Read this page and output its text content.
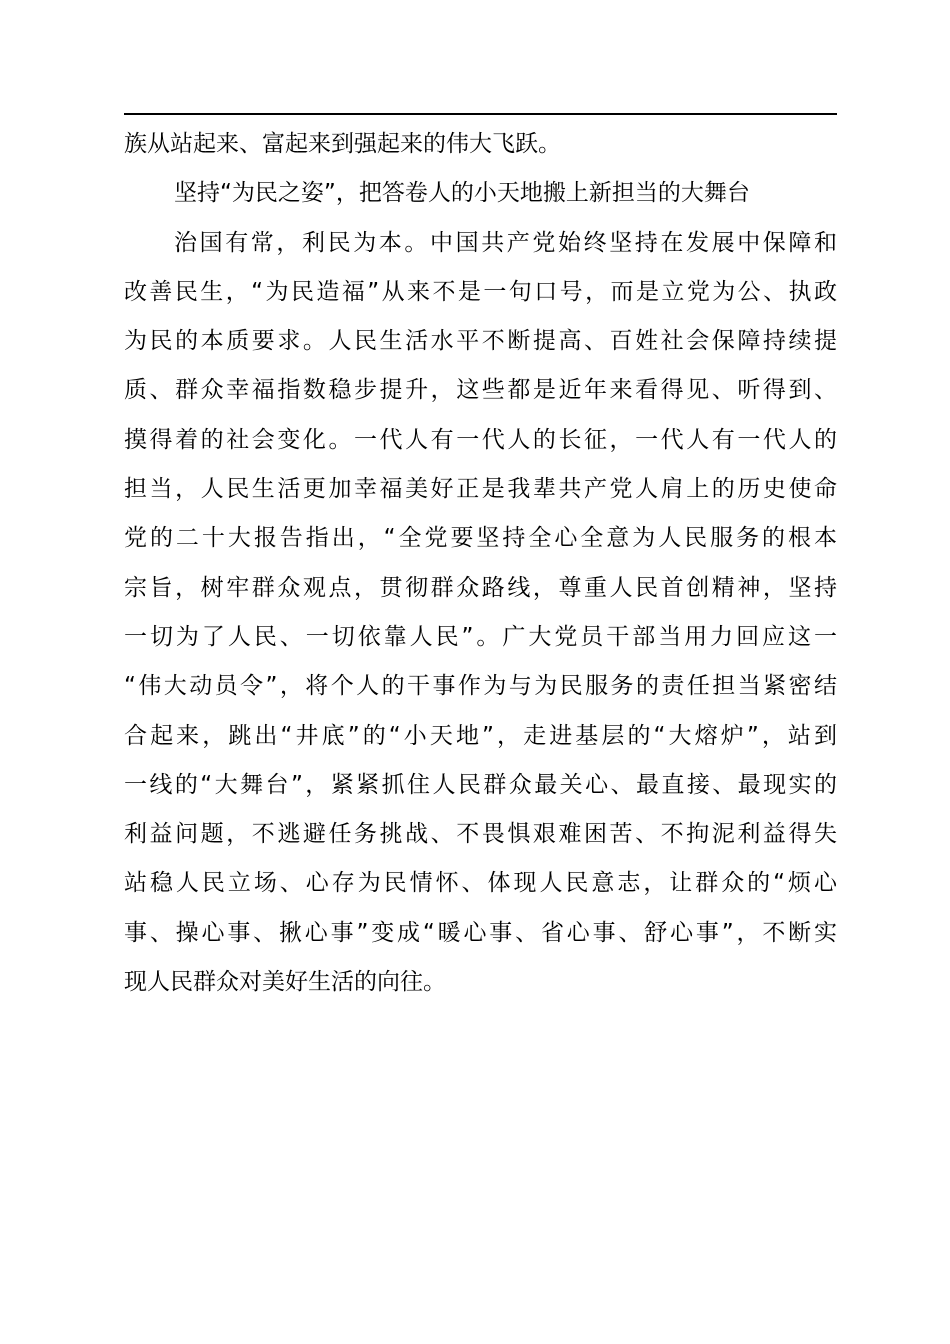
族从站起来、富起来到强起来的伟大飞跃。
坚持“为民之姿”，把答卷人的小天地搬上新担当的大舞台
治国有常，利民为本。中国共产党始终坚持在发展中保障和
改善民生，“为民造福”从来不是一句口号，而是立党为公、执政
为民的本质要求。人民生活水平不断提高、百姓社会保障持续提
质、群众幸福指数稳步提升，这些都是近年来看得见、听得到、
摸得着的社会变化。一代人有一代人的长征，一代人有一代人的
担当，人民生活更加幸福美好正是我辈共产党人肩上的历史使命
党的二十大报告指出，“全党要坚持全心全意为人民服务的根本
宗旨，树牢群众观点，贯彻群众路线，尊重人民首创精神，坚持
一切为了人民、一切依靠人民”。广大党员干部当用力回应这一
“伟大动员令”，将个人的干事作为与为民服务的责任担当紧密结
合起来，跳出“井底”的“小天地”，走进基层的“大熔炉”，站到
一线的“大舞台”，紧紧抓住人民群众最关心、最直接、最现实的
利益问题，不逃避任务挑战、不畏惧艰难困苦、不拘泥利益得失
站稳人民立场、心存为民情怀、体现人民意志，让群众的“烦心
事、操心事、揪心事”变成“暖心事、省心事、舒心事”，不断实
现人民群众对美好生活的向往。
